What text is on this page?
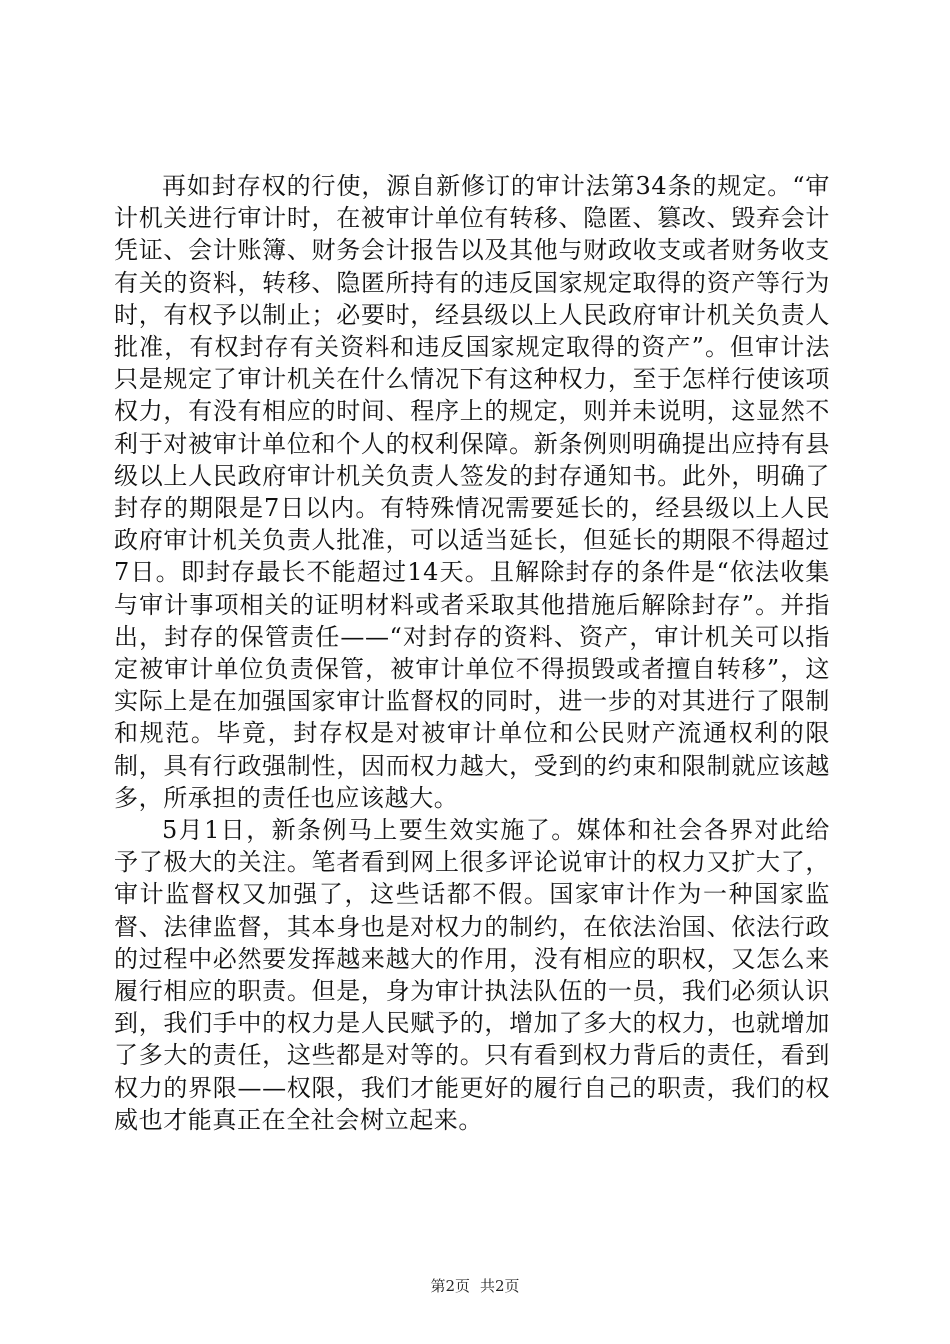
再如封存权的行使，源自新修订的审计法第34条的规定。“审计机关进行审计时，在被审计单位有转移、隐匿、篡改、毁弃会计凭证、会计账簿、财务会计报告以及其他与财政收支或者财务收支有关的资料，转移、隐匿所持有的违反国家规定取得的资产等行为时，有权予以制止；必要时，经县级以上人民政府审计机关负责人批准，有权封存有关资料和违反国家规定取得的资产”。但审计法只是规定了审计机关在什么情况下有这种权力，至于怎样行使该项权力，有没有相应的时间、程序上的规定，则并未说明，这显然不利于对被审计单位和个人的权利保障。新条例则明确提出应持有县级以上人民政府审计机关负责人签发的封存通知书。此外，明确了封存的期限是7日以内。有特殊情况需要延长的，经县级以上人民政府审计机关负责人批准，可以适当延长，但延长的期限不得超过7日。即封存最长不能超过14天。且解除封存的条件是“依法收集与审计事项相关的证明材料或者采取其他措施后解除封存”。并指出，封存的保管责任——“对封存的资料、资产，审计机关可以指定被审计单位负责保管，被审计单位不得损毁或者擅自转移”，这实际上是在加强国家审计监督权的同时，进一步的对其进行了限制和规范。毕竟，封存权是对被审计单位和公民财产流通权利的限制，具有行政强制性，因而权力越大，受到的约束和限制就应该越多，所承担的责任也应该越大。

5月1日，新条例马上要生效实施了。媒体和社会各界对此给予了极大的关注。笔者看到网上很多评论说审计的权力又扩大了，审计监督权又加强了，这些话都不假。国家审计作为一种国家监督、法律监督，其本身也是对权力的制约，在依法治国、依法行政的过程中必然要发挥越来越大的作用，没有相应的职权，又怎么来履行相应的职责。但是，身为审计执法队伍的一员，我们必须认识到，我们手中的权力是人民赋予的，增加了多大的权力，也就增加了多大的责任，这些都是对等的。只有看到权力背后的责任，看到权力的界限——权限，我们才能更好的履行自己的职责，我们的权威也才能真正在全社会树立起来。

第2页 共2页
